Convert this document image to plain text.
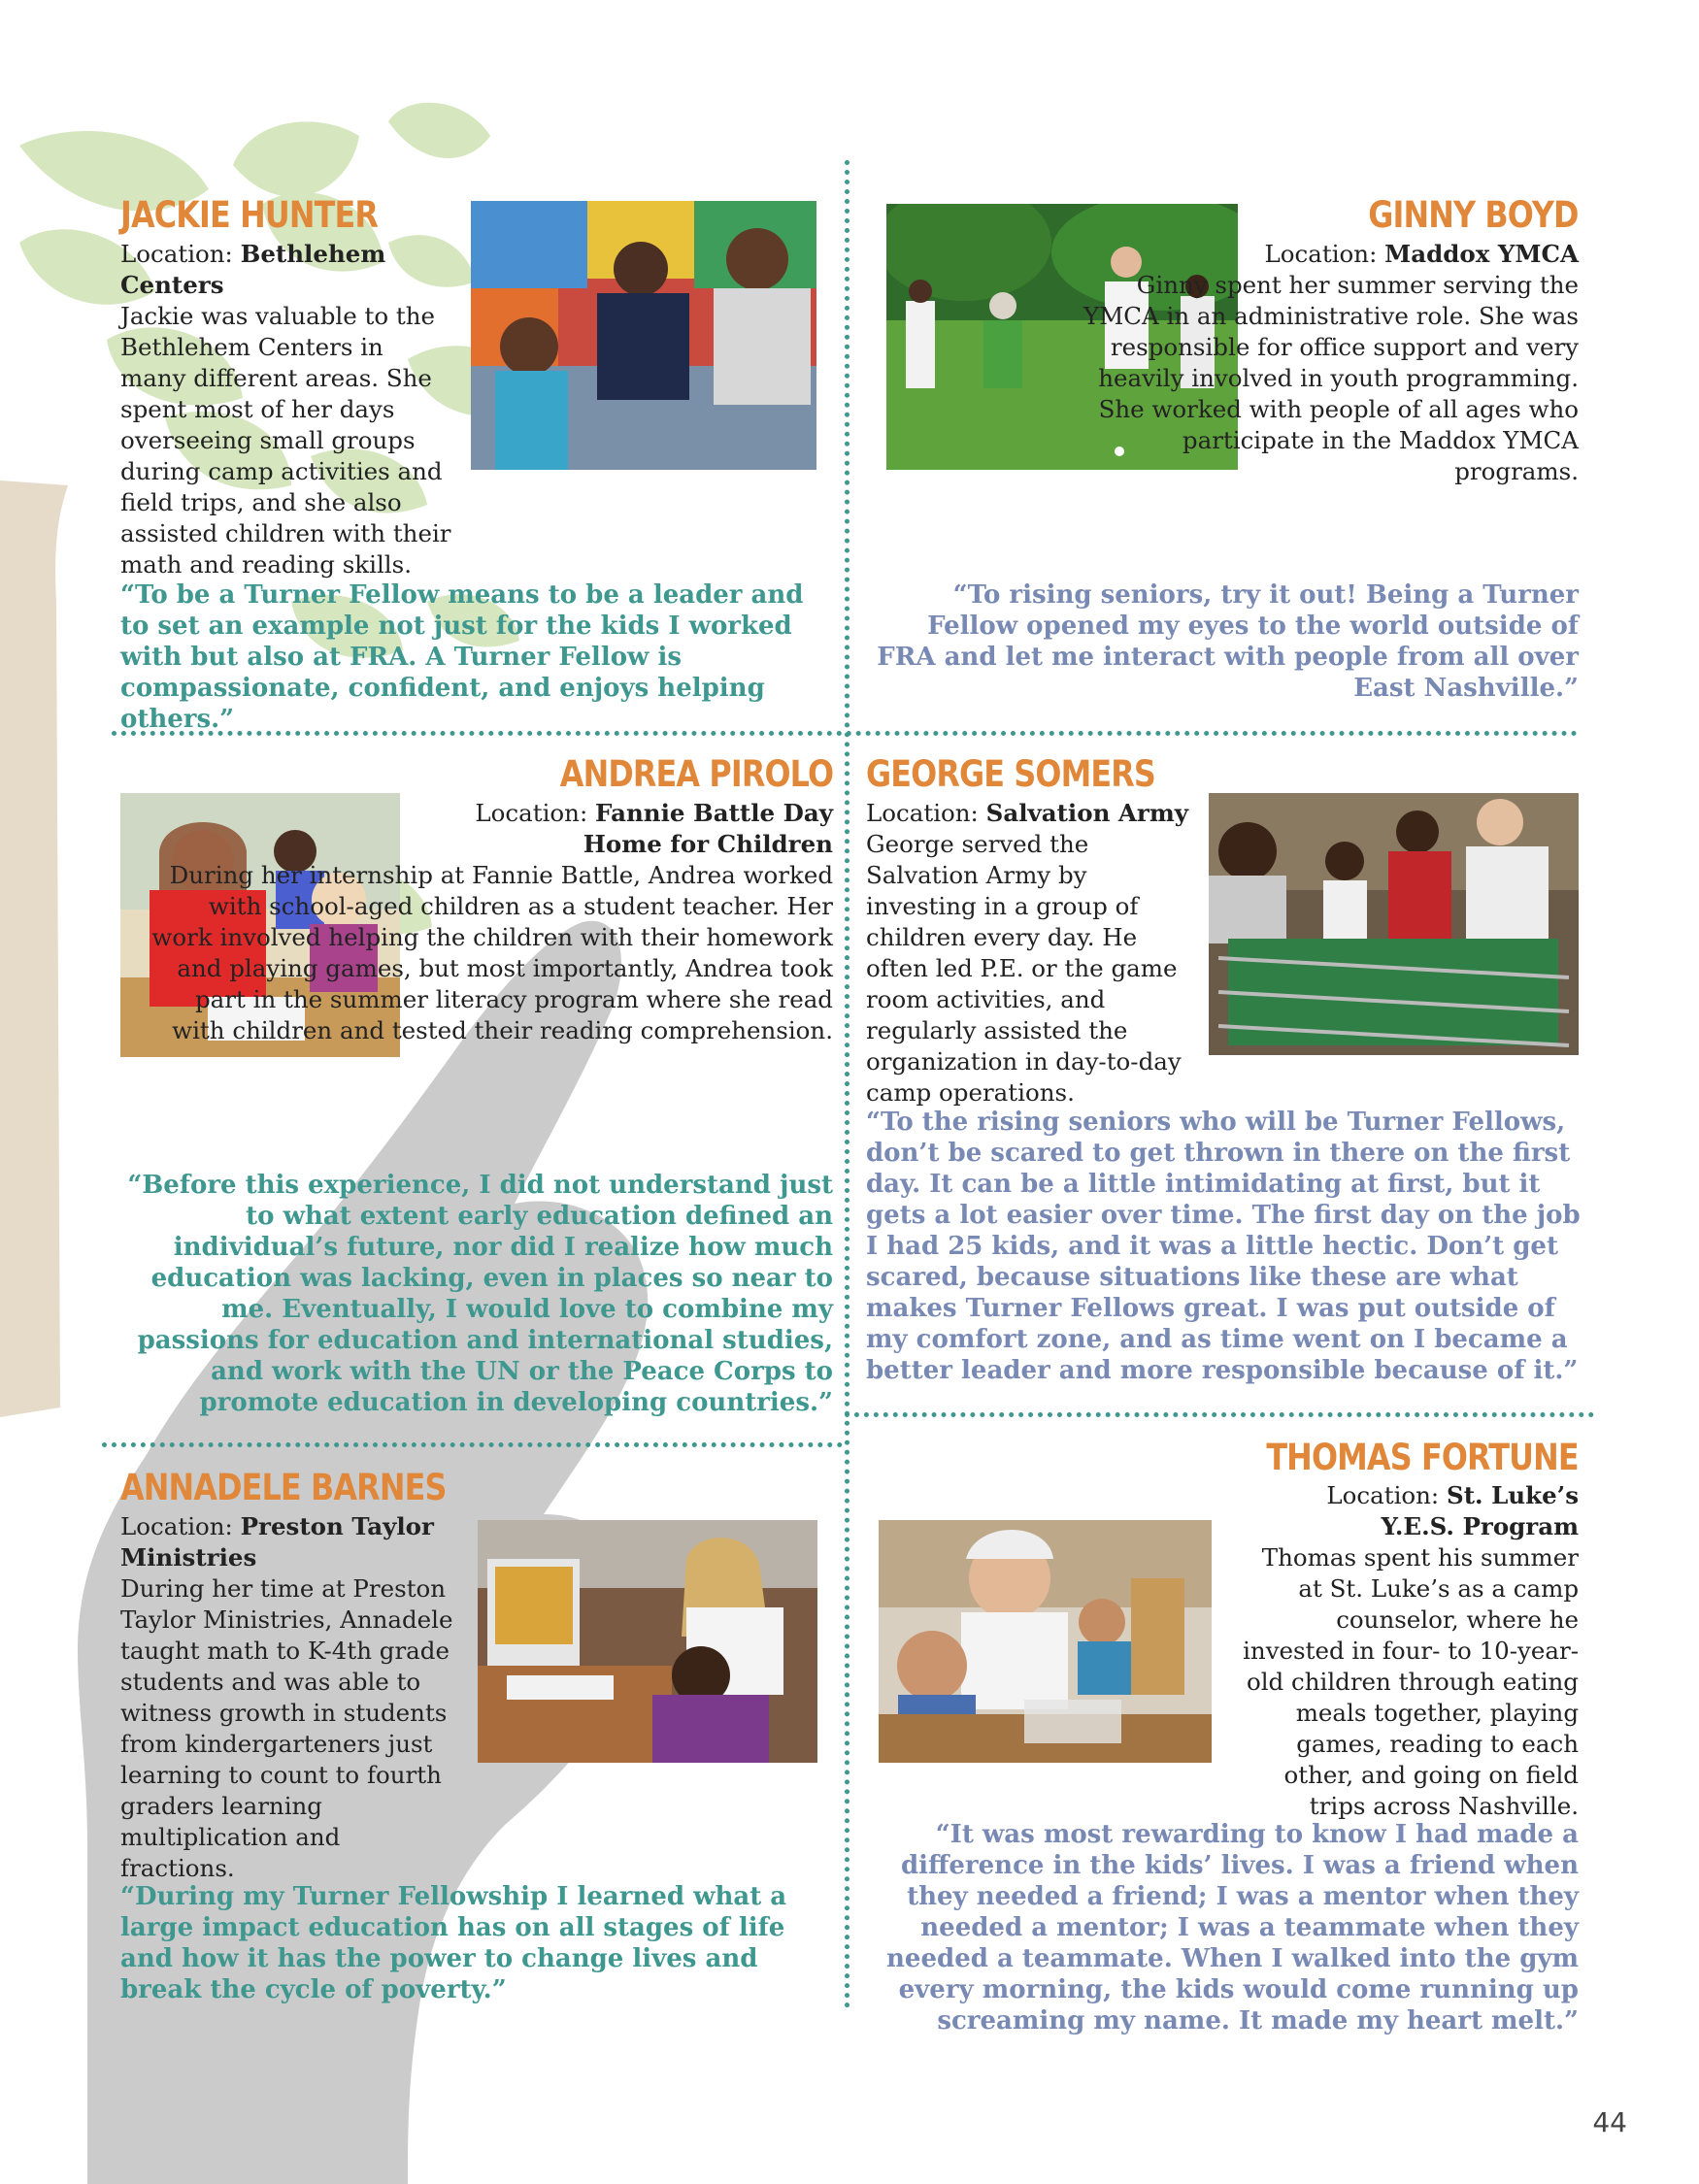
JACKIE HUNTER
Location: Bethlehem Centers
Jackie was valuable to the Bethlehem Centers in many different areas. She spent most of her days overseeing small groups during camp activities and field trips, and she also assisted children with their math and reading skills.
“To be a Turner Fellow means to be a leader and to set an example not just for the kids I worked with but also at FRA. A Turner Fellow is compassionate, confident, and enjoys helping others.”
GINNY BOYD
Location: Maddox YMCA
Ginny spent her summer serving the YMCA in an administrative role. She was responsible for office support and very heavily involved in youth programming. She worked with people of all ages who participate in the Maddox YMCA programs.
“To rising seniors, try it out! Being a Turner Fellow opened my eyes to the world outside of FRA and let me interact with people from all over East Nashville.”
ANDREA PIROLO
Location: Fannie Battle Day Home for Children
During her internship at Fannie Battle, Andrea worked with school-aged children as a student teacher. Her work involved helping the children with their homework and playing games, but most importantly, Andrea took part in the summer literacy program where she read with children and tested their reading comprehension.
“Before this experience, I did not understand just to what extent early education defined an individual’s future, nor did I realize how much education was lacking, even in places so near to me. Eventually, I would love to combine my passions for education and international studies, and work with the UN or the Peace Corps to promote education in developing countries.”
GEORGE SOMERS
Location: Salvation Army
George served the Salvation Army by investing in a group of children every day. He often led P.E. or the game room activities, and regularly assisted the organization in day-to-day camp operations.
“To the rising seniors who will be Turner Fellows, don’t be scared to get thrown in there on the first day. It can be a little intimidating at first, but it gets a lot easier over time. The first day on the job I had 25 kids, and it was a little hectic. Don’t get scared, because situations like these are what makes Turner Fellows great. I was put outside of my comfort zone, and as time went on I became a better leader and more responsible because of it.”
ANNADELE BARNES
Location: Preston Taylor Ministries
During her time at Preston Taylor Ministries, Annadele taught math to K-4th grade students and was able to witness growth in students from kindergarteners just learning to count to fourth graders learning multiplication and fractions.
“During my Turner Fellowship I learned what a large impact education has on all stages of life and how it has the power to change lives and break the cycle of poverty.”
THOMAS FORTUNE
Location: St. Luke’s Y.E.S. Program
Thomas spent his summer at St. Luke’s as a camp counselor, where he invested in four- to 10-year-old children through eating meals together, playing games, reading to each other, and going on field trips across Nashville.
“It was most rewarding to know I had made a difference in the kids’ lives. I was a friend when they needed a friend; I was a mentor when they needed a mentor; I was a teammate when they needed a teammate. When I walked into the gym every morning, the kids would come running up screaming my name. It made my heart melt.”
44
